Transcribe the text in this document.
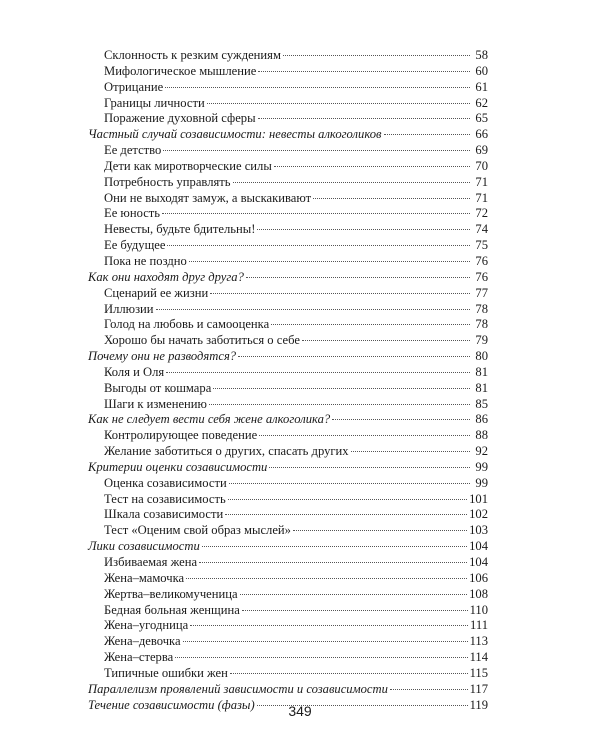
Склонность к резким суждениям	58
Мифологическое мышление	60
Отрицание	61
Границы личности	62
Поражение духовной сферы	65
Частный случай созависимости: невесты алкоголиков	66
Ее детство	69
Дети как миротворческие силы	70
Потребность управлять	71
Они не выходят замуж, а выскакивают	71
Ее юность	72
Невесты, будьте бдительны!	74
Ее будущее	75
Пока не поздно	76
Как они находят друг друга?	76
Сценарий ее жизни	77
Иллюзии	78
Голод на любовь и самооценка	78
Хорошо бы начать заботиться о себе	79
Почему они не разводятся?	80
Коля и Оля	81
Выгоды от кошмара	81
Шаги к изменению	85
Как не следует вести себя жене алкоголика?	86
Контролирующее поведение	88
Желание заботиться о других, спасать других	92
Критерии оценки созависимости	99
Оценка созависимости	99
Тест на созависимость	101
Шкала созависимости	102
Тест «Оценим свой образ мыслей»	103
Лики созависимости	104
Избиваемая жена	104
Жена–мамочка	106
Жертва–великомученица	108
Бедная больная женщина	110
Жена–угодница	111
Жена–девочка	113
Жена–стерва	114
Типичные ошибки жен	115
Параллелизм проявлений зависимости и созависимости	117
Течение созависимости (фазы)	119
349
